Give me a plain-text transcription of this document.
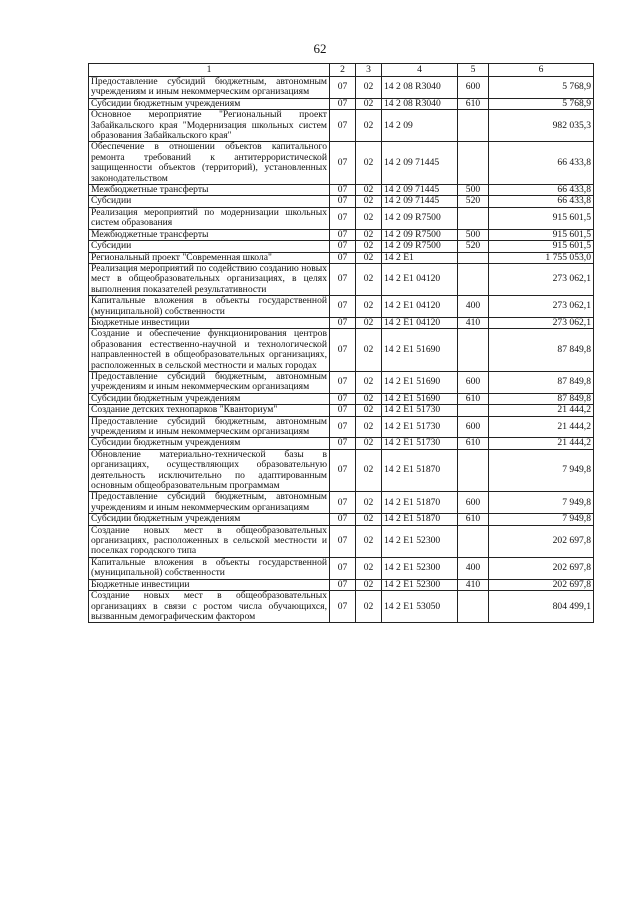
62
1	2	3	4	5	6
Предоставление субсидий бюджетным, автономным учреждениям и иным некоммерческим организациям	07	02	14 2 08 R3040	600	5 768,9
Субсидии бюджетным учреждениям	07	02	14 2 08 R3040	610	5 768,9
Основное мероприятие "Региональный проект Забайкальского края "Модернизация школьных систем образования Забайкальского края"	07	02	14 2 09		982 035,3
Обеспечение в отношении объектов капитального ремонта требований к антитеррористической защищенности объектов (территорий), установленных законодательством	07	02	14 2 09 71445		66 433,8
Межбюджетные трансферты	07	02	14 2 09 71445	500	66 433,8
Субсидии	07	02	14 2 09 71445	520	66 433,8
Реализация мероприятий по модернизации школьных систем образования	07	02	14 2 09 R7500		915 601,5
Межбюджетные трансферты	07	02	14 2 09 R7500	500	915 601,5
Субсидии	07	02	14 2 09 R7500	520	915 601,5
Региональный проект "Современная школа"	07	02	14 2 E1		1 755 053,0
Реализация мероприятий по содействию созданию новых мест в общеобразовательных организациях, в целях выполнения показателей результативности	07	02	14 2 E1 04120		273 062,1
Капитальные вложения в объекты государственной (муниципальной) собственности	07	02	14 2 E1 04120	400	273 062,1
Бюджетные инвестиции	07	02	14 2 E1 04120	410	273 062,1
Создание и обеспечение функционирования центров образования естественно-научной и технологической направленностей в общеобразовательных организациях, расположенных в сельской местности и малых городах	07	02	14 2 E1 51690		87 849,8
Предоставление субсидий бюджетным, автономным учреждениям и иным некоммерческим организациям	07	02	14 2 E1 51690	600	87 849,8
Субсидии бюджетным учреждениям	07	02	14 2 E1 51690	610	87 849,8
Создание детских технопарков "Кванториум"	07	02	14 2 E1 51730		21 444,2
Предоставление субсидий бюджетным, автономным учреждениям и иным некоммерческим организациям	07	02	14 2 E1 51730	600	21 444,2
Субсидии бюджетным учреждениям	07	02	14 2 E1 51730	610	21 444,2
Обновление материально-технической базы в организациях, осуществляющих образовательную деятельность исключительно по адаптированным основным общеобразовательным программам	07	02	14 2 E1 51870		7 949,8
Предоставление субсидий бюджетным, автономным учреждениям и иным некоммерческим организациям	07	02	14 2 E1 51870	600	7 949,8
Субсидии бюджетным учреждениям	07	02	14 2 E1 51870	610	7 949,8
Создание новых мест в общеобразовательных организациях, расположенных в сельской местности и поселках городского типа	07	02	14 2 E1 52300		202 697,8
Капитальные вложения в объекты государственной (муниципальной) собственности	07	02	14 2 E1 52300	400	202 697,8
Бюджетные инвестиции	07	02	14 2 E1 52300	410	202 697,8
Создание новых мест в общеобразовательных организациях в связи с ростом числа обучающихся, вызванным демографическим фактором	07	02	14 2 E1 53050		804 499,1
